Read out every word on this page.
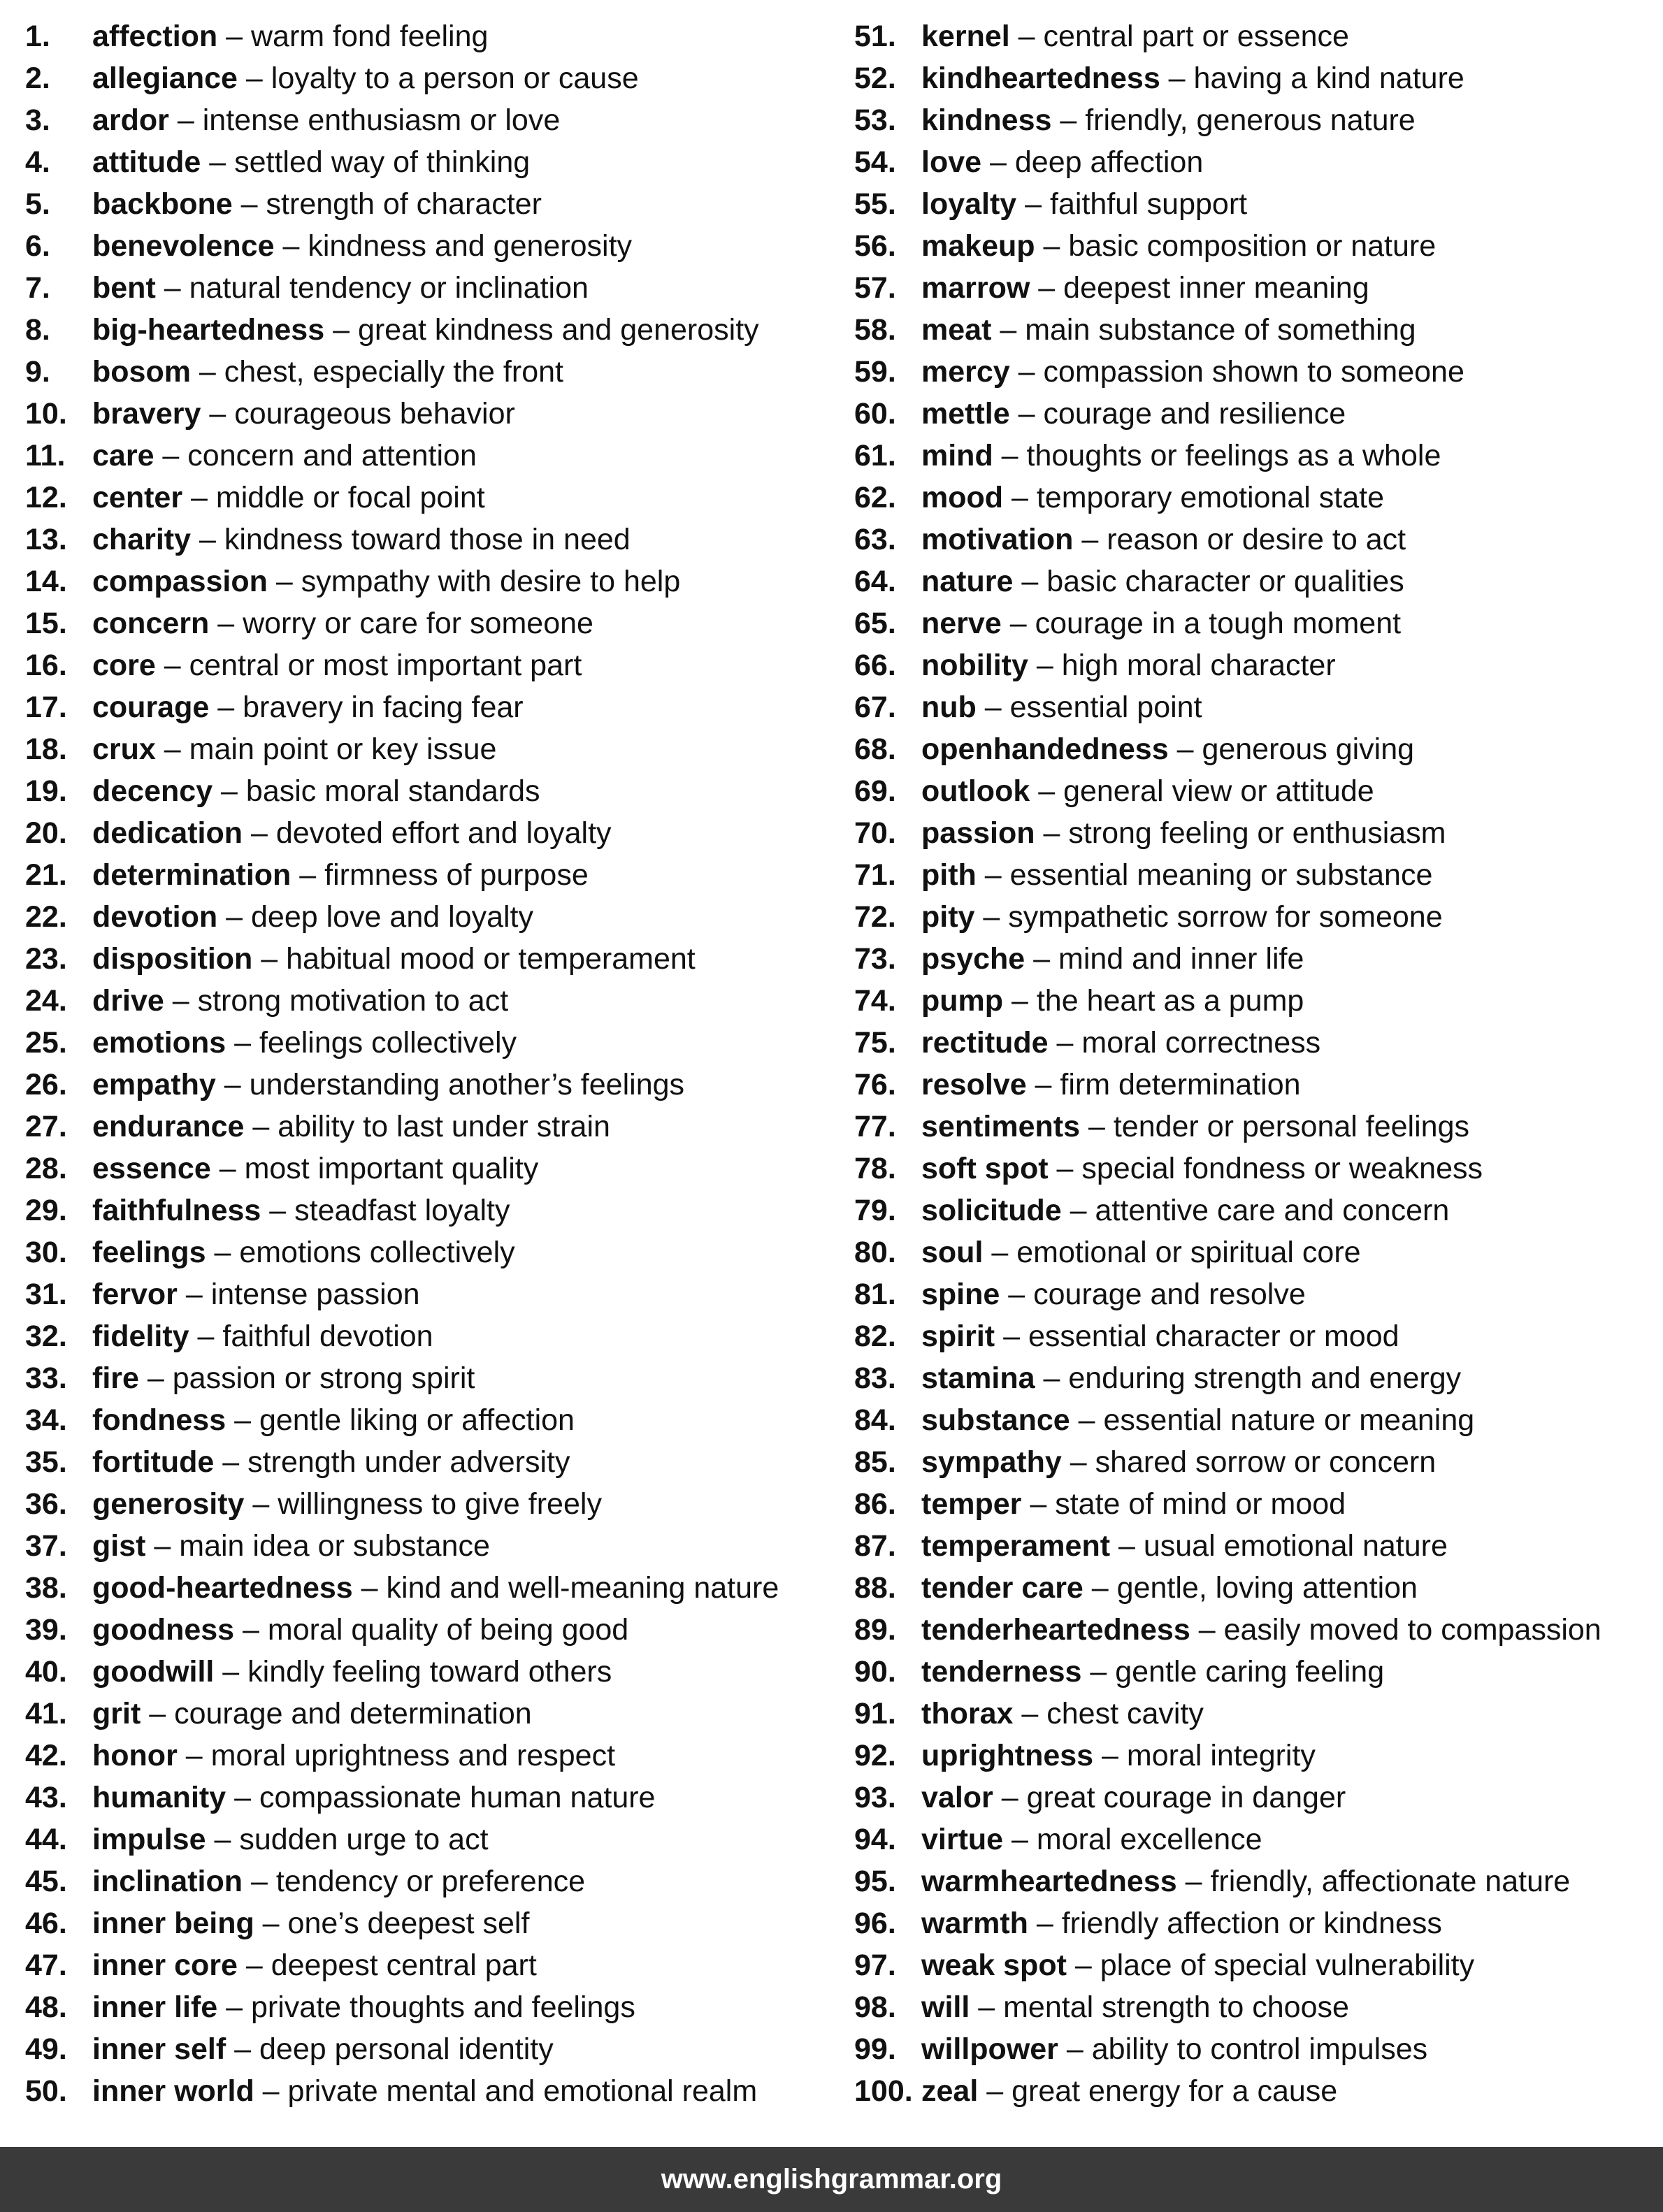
1. affection – warm fond feeling
2. allegiance – loyalty to a person or cause
3. ardor – intense enthusiasm or love
4. attitude – settled way of thinking
5. backbone – strength of character
6. benevolence – kindness and generosity
7. bent – natural tendency or inclination
8. big-heartedness – great kindness and generosity
9. bosom – chest, especially the front
10. bravery – courageous behavior
11. care – concern and attention
12. center – middle or focal point
13. charity – kindness toward those in need
14. compassion – sympathy with desire to help
15. concern – worry or care for someone
16. core – central or most important part
17. courage – bravery in facing fear
18. crux – main point or key issue
19. decency – basic moral standards
20. dedication – devoted effort and loyalty
21. determination – firmness of purpose
22. devotion – deep love and loyalty
23. disposition – habitual mood or temperament
24. drive – strong motivation to act
25. emotions – feelings collectively
26. empathy – understanding another’s feelings
27. endurance – ability to last under strain
28. essence – most important quality
29. faithfulness – steadfast loyalty
30. feelings – emotions collectively
31. fervor – intense passion
32. fidelity – faithful devotion
33. fire – passion or strong spirit
34. fondness – gentle liking or affection
35. fortitude – strength under adversity
36. generosity – willingness to give freely
37. gist – main idea or substance
38. good-heartedness – kind and well-meaning nature
39. goodness – moral quality of being good
40. goodwill – kindly feeling toward others
41. grit – courage and determination
42. honor – moral uprightness and respect
43. humanity – compassionate human nature
44. impulse – sudden urge to act
45. inclination – tendency or preference
46. inner being – one’s deepest self
47. inner core – deepest central part
48. inner life – private thoughts and feelings
49. inner self – deep personal identity
50. inner world – private mental and emotional realm
51. kernel – central part or essence
52. kindheartedness – having a kind nature
53. kindness – friendly, generous nature
54. love – deep affection
55. loyalty – faithful support
56. makeup – basic composition or nature
57. marrow – deepest inner meaning
58. meat – main substance of something
59. mercy – compassion shown to someone
60. mettle – courage and resilience
61. mind – thoughts or feelings as a whole
62. mood – temporary emotional state
63. motivation – reason or desire to act
64. nature – basic character or qualities
65. nerve – courage in a tough moment
66. nobility – high moral character
67. nub – essential point
68. openhandedness – generous giving
69. outlook – general view or attitude
70. passion – strong feeling or enthusiasm
71. pith – essential meaning or substance
72. pity – sympathetic sorrow for someone
73. psyche – mind and inner life
74. pump – the heart as a pump
75. rectitude – moral correctness
76. resolve – firm determination
77. sentiments – tender or personal feelings
78. soft spot – special fondness or weakness
79. solicitude – attentive care and concern
80. soul – emotional or spiritual core
81. spine – courage and resolve
82. spirit – essential character or mood
83. stamina – enduring strength and energy
84. substance – essential nature or meaning
85. sympathy – shared sorrow or concern
86. temper – state of mind or mood
87. temperament – usual emotional nature
88. tender care – gentle, loving attention
89. tenderheartedness – easily moved to compassion
90. tenderness – gentle caring feeling
91. thorax – chest cavity
92. uprightness – moral integrity
93. valor – great courage in danger
94. virtue – moral excellence
95. warmheartedness – friendly, affectionate nature
96. warmth – friendly affection or kindness
97. weak spot – place of special vulnerability
98. will – mental strength to choose
99. willpower – ability to control impulses
100. zeal – great energy for a cause
www.englishgrammar.org
